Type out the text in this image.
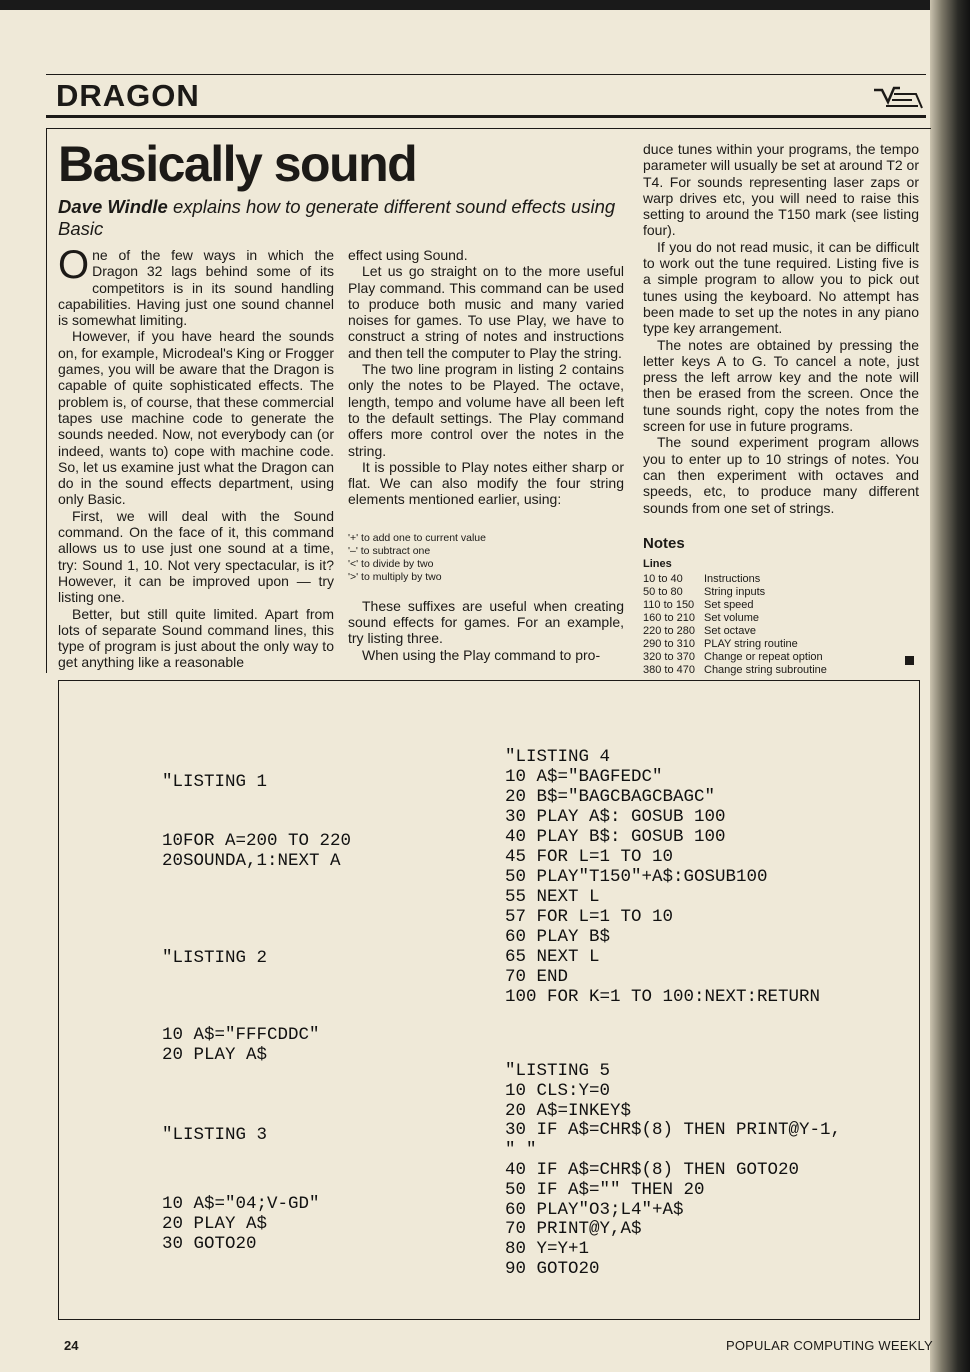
DRAGON
Basically sound

Dave Windle explains how to generate different sound effects using Basic

One of the few ways in which the Dragon 32 lags behind some of its competitors is in its sound handling capabilities. Having just one sound channel is somewhat limiting.

However, if you have heard the sounds on, for example, Microdeal's King or Frogger games, you will be aware that the Dragon is capable of quite sophisticated effects. The problem is, of course, that these commercial tapes use machine code to generate the sounds needed. Now, not everybody can (or indeed, wants to) cope with machine code. So, let us examine just what the Dragon can do in the sound effects department, using only Basic.

First, we will deal with the Sound command. On the face of it, this command allows us to use just one sound at a time, try: Sound 1, 10. Not very spectacular, is it? However, it can be improved upon — try listing one.

Better, but still quite limited. Apart from lots of separate Sound command lines, this type of program is just about the only way to get anything like a reasonable

effect using Sound.

Let us go straight on to the more useful Play command. This command can be used to produce both music and many varied noises for games. To use Play, we have to construct a string of notes and instructions and then tell the computer to Play the string.

The two line program in listing 2 contains only the notes to be Played. The octave, length, tempo and volume have all been left to the default settings. The Play command offers more control over the notes in the string.

It is possible to Play notes either sharp or flat. We can also modify the four string elements mentioned earlier, using:

'+' to add one to current value
'–' to subtract one
'<' to divide by two
'>' to multiply by two

These suffixes are useful when creating sound effects for games. For an example, try listing three.

When using the Play command to pro-

duce tunes within your programs, the tempo parameter will usually be set at around T2 or T4. For sounds representing laser zaps or warp drives etc, you will need to raise this setting to around the T150 mark (see listing four).

If you do not read music, it can be difficult to work out the tune required. Listing five is a simple program to allow you to pick out tunes using the keyboard. No attempt has been made to set up the notes in any piano type key arrangement.

The notes are obtained by pressing the letter keys A to G. To cancel a note, just press the left arrow key and the note will then be erased from the screen. Once the tune sounds right, copy the notes from the screen for use in future programs.

The sound experiment program allows you to enter up to 10 strings of notes. You can then experiment with octaves and speeds, etc, to produce many different sounds from one set of strings.

Notes
Lines
10 to 40	Instructions
50 to 80	String inputs
110 to 150 Set speed
160 to 210 Set volume
220 to 280 Set octave
290 to 310 PLAY string routine
320 to 370 Change or repeat option
380 to 470 Change string subroutine
"LISTING 1
10FOR A=200 TO 220
20SOUNDA,1:NEXT A
"LISTING 2
10 A$="FFFCDDC"
20 PLAY A$
"LISTING 3
10 A$="04;V-GD"
20 PLAY A$
30 GOTO20
"LISTING 4
10 A$="BAGFEDC"
20 B$="BAGCBAGCBAGC"
30 PLAY A$: GOSUB 100
40 PLAY B$: GOSUB 100
45 FOR L=1 TO 10
50 PLAY"T150"+A$:GOSUB100
55 NEXT L
57 FOR L=1 TO 10
60 PLAY B$
65 NEXT L
70 END
100 FOR K=1 TO 100:NEXT:RETURN
"LISTING 5
10 CLS:Y=0
20 A$=INKEY$
30 IF A$=CHR$(8) THEN PRINT@Y-1,
" "
40 IF A$=CHR$(8) THEN GOTO20
50 IF A$="" THEN 20
60 PLAY"O3;L4"+A$
70 PRINT@Y,A$
80 Y=Y+1
90 GOTO20

24	POPULAR COMPUTING WEEKLY
